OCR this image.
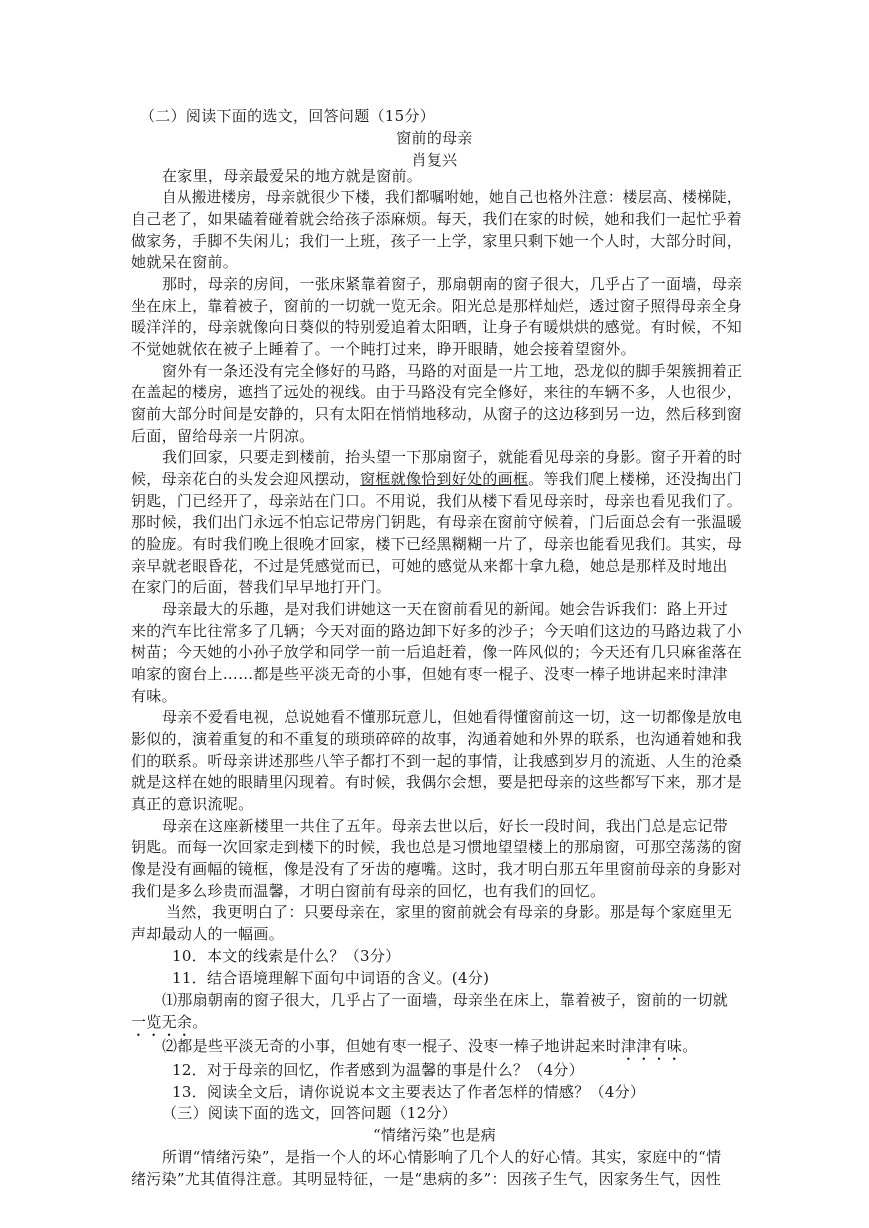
（二）阅读下面的选文，回答问题（15分）
窗前的母亲
肖复兴
在家里，母亲最爱呆的地方就是窗前。
自从搬进楼房，母亲就很少下楼，我们都嘱咐她，她自己也格外注意：楼层高、楼梯陡，
自己老了，如果磕着碰着就会给孩子添麻烦。每天，我们在家的时候，她和我们一起忙乎着
做家务，手脚不失闲儿；我们一上班，孩子一上学，家里只剩下她一个人时，大部分时间，
她就呆在窗前。
那时，母亲的房间，一张床紧靠着窗子，那扇朝南的窗子很大，几乎占了一面墙，母亲
坐在床上，靠着被子，窗前的一切就一览无余。阳光总是那样灿烂，透过窗子照得母亲全身
暖洋洋的，母亲就像向日葵似的特别爱追着太阳晒，让身子有暖烘烘的感觉。有时候，不知
不觉她就依在被子上睡着了。一个盹打过来，睁开眼睛，她会接着望窗外。
窗外有一条还没有完全修好的马路，马路的对面是一片工地，恐龙似的脚手架簇拥着正
在盖起的楼房，遮挡了远处的视线。由于马路没有完全修好，来往的车辆不多，人也很少，
窗前大部分时间是安静的，只有太阳在悄悄地移动，从窗子的这边移到另一边，然后移到窗
后面，留给母亲一片阴凉。
我们回家，只要走到楼前，抬头望一下那扇窗子，就能看见母亲的身影。窗子开着的时
候，母亲花白的头发会迎风摆动，窗框就像恰到好处的画框。等我们爬上楼梯，还没掏出门
钥匙，门已经开了，母亲站在门口。不用说，我们从楼下看见母亲时，母亲也看见我们了。
那时候，我们出门永远不怕忘记带房门钥匙，有母亲在窗前守候着，门后面总会有一张温暖
的脸庞。有时我们晚上很晚才回家，楼下已经黑糊糊一片了，母亲也能看见我们。其实，母
亲早就老眼昏花，不过是凭感觉而已，可她的感觉从来都十拿九稳，她总是那样及时地出
在家门的后面，替我们早早地打开门。
母亲最大的乐趣，是对我们讲她这一天在窗前看见的新闻。她会告诉我们：路上开过
来的汽车比往常多了几辆；今天对面的路边卸下好多的沙子；今天咱们这边的马路边栽了小
树苗；今天她的小孙子放学和同学一前一后追赶着，像一阵风似的；今天还有几只麻雀落在
咱家的窗台上……都是些平淡无奇的小事，但她有枣一棍子、没枣一棒子地讲起来时津津
有味。
母亲不爱看电视，总说她看不懂那玩意儿，但她看得懂窗前这一切，这一切都像是放电
影似的，演着重复的和不重复的琐琐碎碎的故事，沟通着她和外界的联系，也沟通着她和我
们的联系。听母亲讲述那些八竿子都打不到一起的事情，让我感到岁月的流逝、人生的沧桑
就是这样在她的眼睛里闪现着。有时候，我偶尔会想，要是把母亲的这些都写下来，那才是
真正的意识流呢。
母亲在这座新楼里一共住了五年。母亲去世以后，好长一段时间，我出门总是忘记带
钥匙。而每一次回家走到楼下的时候，我也总是习惯地望望楼上的那扇窗，可那空荡荡的窗
像是没有画幅的镜框，像是没有了牙齿的瘪嘴。这时，我才明白那五年里窗前母亲的身影对
我们是多么珍贵而温馨，才明白窗前有母亲的回忆，也有我们的回忆。
当然，我更明白了：只要母亲在，家里的窗前就会有母亲的身影。那是每个家庭里无
声却最动人的一幅画。
10．本文的线索是什么？（3分）
11．结合语境理解下面句中词语的含义。(4分)
⑴那扇朝南的窗子很大，几乎占了一面墙，母亲坐在床上，靠着被子，窗前的一切就
一览无余。
⑵都是些平淡无奇的小事，但她有枣一棍子、没枣一棒子地讲起来时津津有味。
12．对于母亲的回忆，作者感到为温馨的事是什么？（4分）
13．阅读全文后，请你说说本文主要表达了作者怎样的情感？（4分）
（三）阅读下面的选文，回答问题（12分）
“情绪污染”也是病
所谓“情绪污染”，是指一个人的坏心情影响了几个人的好心情。其实，家庭中的“情
绪污染”尤其值得注意。其明显特征，一是“患病的多”：因孩子生气，因家务生气，因性
